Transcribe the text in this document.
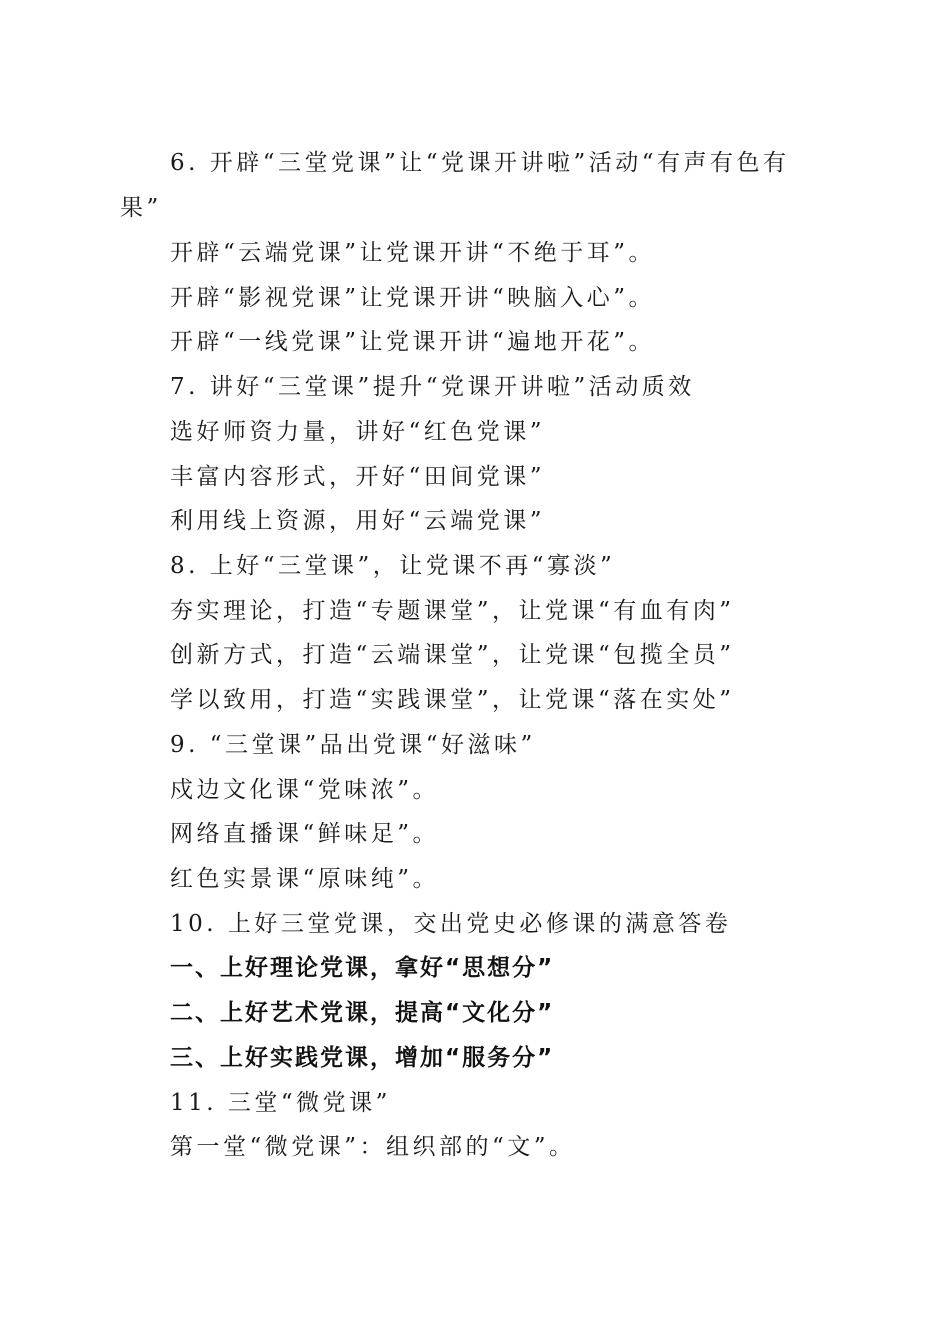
6. 开辟“三堂党课”让“党课开讲啦”活动“有声有色有
果”
开辟“云端党课”让党课开讲“不绝于耳”。
开辟“影视党课”让党课开讲“映脑入心”。
开辟“一线党课”让党课开讲“遍地开花”。
7. 讲好“三堂课”提升“党课开讲啦”活动质效
选好师资力量，讲好“红色党课”
丰富内容形式，开好“田间党课”
利用线上资源，用好“云端党课”
8. 上好“三堂课”，让党课不再“寡淡”
夯实理论，打造“专题课堂”，让党课“有血有肉”
创新方式，打造“云端课堂”，让党课“包揽全员”
学以致用，打造“实践课堂”，让党课“落在实处”
9. “三堂课”品出党课“好滋味”
戍边文化课“党味浓”。
网络直播课“鲜味足”。
红色实景课“原味纯”。
10. 上好三堂党课，交出党史必修课的满意答卷
一、上好理论党课，拿好“思想分”
二、上好艺术党课，提高“文化分”
三、上好实践党课，增加“服务分”
11. 三堂“微党课”
第一堂“微党课”：组织部的“文”。
